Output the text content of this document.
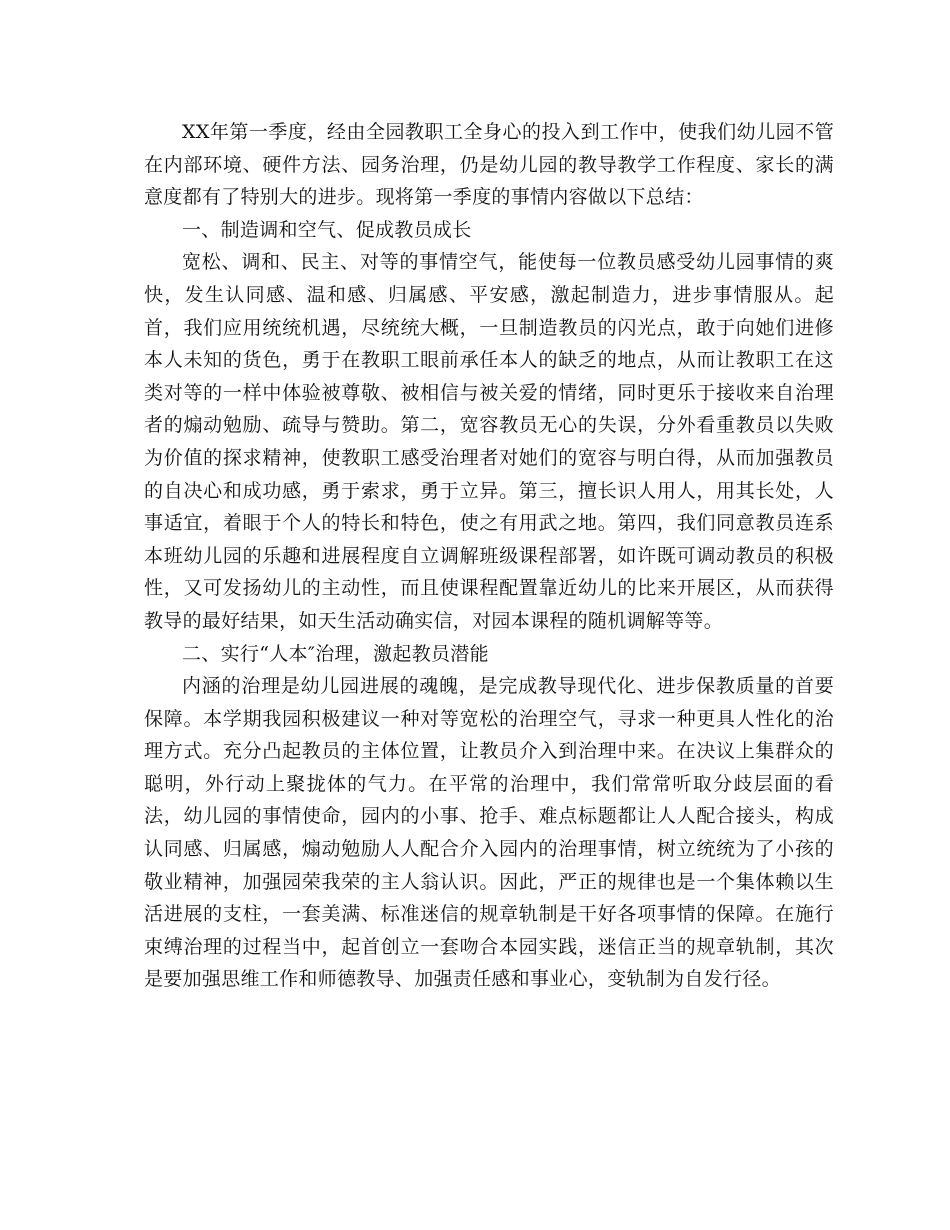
XX年第一季度，经由全园教职工全身心的投入到工作中，使我们幼儿园不管在内部环境、硬件方法、园务治理，仍是幼儿园的教导教学工作程度、家长的满意度都有了特别大的进步。现将第一季度的事情内容做以下总结：

一、制造调和空气、促成教员成长

宽松、调和、民主、对等的事情空气，能使每一位教员感受幼儿园事情的爽快，发生认同感、温和感、归属感、平安感，激起制造力，进步事情服从。起首，我们应用统统机遇，尽统统大概，一旦制造教员的闪光点，敢于向她们进修本人未知的货色，勇于在教职工眼前承任本人的缺乏的地点，从而让教职工在这类对等的一样中体验被尊敬、被相信与被关爱的情绪，同时更乐于接收来自治理者的煽动勉励、疏导与赞助。第二，宽容教员无心的失误，分外看重教员以失败为价值的探求精神，使教职工感受治理者对她们的宽容与明白得，从而加强教员的自决心和成功感，勇于索求，勇于立异。第三，擅长识人用人，用其长处，人事适宜，着眼于个人的特长和特色，使之有用武之地。第四，我们同意教员连系本班幼儿园的乐趣和进展程度自立调解班级课程部署，如许既可调动教员的积极性，又可发扬幼儿的主动性，而且使课程配置靠近幼儿的比来开展区，从而获得教导的最好结果，如天生活动确实信，对园本课程的随机调解等等。

二、实行“人本″治理，激起教员潜能

内涵的治理是幼儿园进展的魂魄，是完成教导现代化、进步保教质量的首要保障。本学期我园积极建议一种对等宽松的治理空气，寻求一种更具人性化的治理方式。充分凸起教员的主体位置，让教员介入到治理中来。在决议上集群众的聪明，外行动上聚拢体的气力。在平常的治理中，我们常常听取分歧层面的看法，幼儿园的事情使命，园内的小事、抢手、难点标题都让人人配合接头，构成认同感、归属感，煽动勉励人人配合介入园内的治理事情，树立统统为了小孩的敬业精神，加强园荣我荣的主人翁认识。因此，严正的规律也是一个集体赖以生活进展的支柱，一套美满、标准迷信的规章轨制是干好各项事情的保障。在施行束缚治理的过程当中，起首创立一套吻合本园实践，迷信正当的规章轨制，其次是要加强思维工作和师德教导、加强责任感和事业心，变轨制为自发行径。
